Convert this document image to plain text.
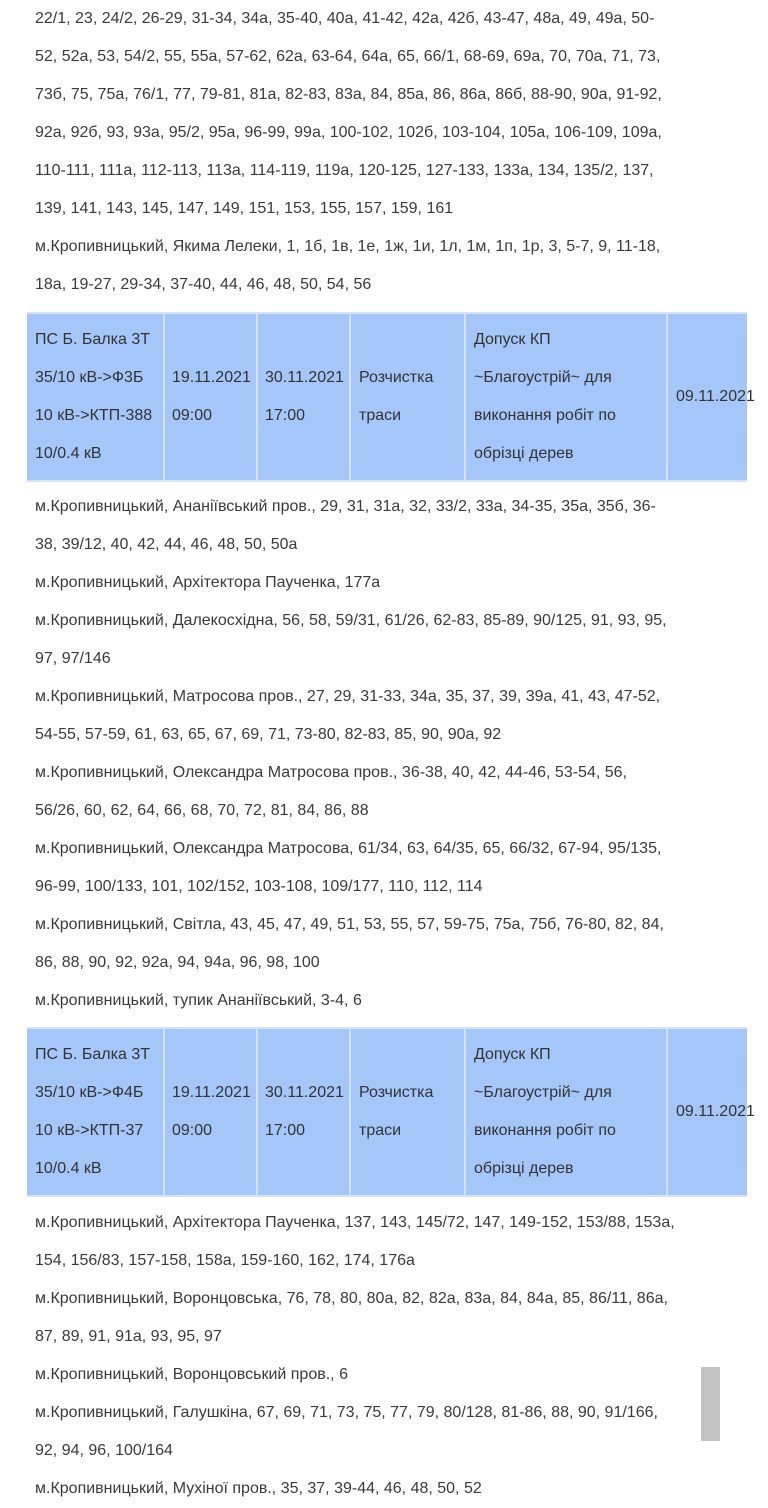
22/1, 23, 24/2, 26-29, 31-34, 34а, 35-40, 40а, 41-42, 42а, 42б, 43-47, 48а, 49, 49а, 50-52, 52а, 53, 54/2, 55, 55а, 57-62, 62а, 63-64, 64а, 65, 66/1, 68-69, 69а, 70, 70а, 71, 73, 73б, 75, 75а, 76/1, 77, 79-81, 81а, 82-83, 83а, 84, 85а, 86, 86а, 86б, 88-90, 90а, 91-92, 92а, 92б, 93, 93а, 95/2, 95а, 96-99, 99а, 100-102, 102б, 103-104, 105а, 106-109, 109а, 110-111, 111а, 112-113, 113а, 114-119, 119а, 120-125, 127-133, 133а, 134, 135/2, 137, 139, 141, 143, 145, 147, 149, 151, 153, 155, 157, 159, 161

м.Кропивницький, Якима Лелеки, 1, 1б, 1в, 1е, 1ж, 1и, 1л, 1м, 1п, 1р, 3, 5-7, 9, 11-18, 18а, 19-27, 29-34, 37-40, 44, 46, 48, 50, 54, 56

ПС Б. Балка 3Т
35/10 кВ->Ф3Б
10 кВ->КТП-388
10/0.4 кВ
19.11.2021
09:00
30.11.2021
17:00
Розчистка
траси
Допуск КП
~Благоустрій~ для
виконання робіт по
обрізці дерев
09.11.2021

м.Кропивницький, Ананіївський пров., 29, 31, 31а, 32, 33/2, 33а, 34-35, 35а, 35б, 36-38, 39/12, 40, 42, 44, 46, 48, 50, 50а

м.Кропивницький, Архітектора Паученка, 177а

м.Кропивницький, Далекосхідна, 56, 58, 59/31, 61/26, 62-83, 85-89, 90/125, 91, 93, 95, 97, 97/146

м.Кропивницький, Матросова пров., 27, 29, 31-33, 34а, 35, 37, 39, 39а, 41, 43, 47-52, 54-55, 57-59, 61, 63, 65, 67, 69, 71, 73-80, 82-83, 85, 90, 90а, 92

м.Кропивницький, Олександра Матросова пров., 36-38, 40, 42, 44-46, 53-54, 56, 56/26, 60, 62, 64, 66, 68, 70, 72, 81, 84, 86, 88

м.Кропивницький, Олександра Матросова, 61/34, 63, 64/35, 65, 66/32, 67-94, 95/135, 96-99, 100/133, 101, 102/152, 103-108, 109/177, 110, 112, 114

м.Кропивницький, Світла, 43, 45, 47, 49, 51, 53, 55, 57, 59-75, 75а, 75б, 76-80, 82, 84, 86, 88, 90, 92, 92а, 94, 94а, 96, 98, 100

м.Кропивницький, тупик Ананіївський, 3-4, 6

ПС Б. Балка 3Т
35/10 кВ->Ф4Б
10 кВ->КТП-37
10/0.4 кВ
19.11.2021
09:00
30.11.2021
17:00
Розчистка
траси
Допуск КП
~Благоустрій~ для
виконання робіт по
обрізці дерев
09.11.2021

м.Кропивницький, Архітектора Паученка, 137, 143, 145/72, 147, 149-152, 153/88, 153а, 154, 156/83, 157-158, 158а, 159-160, 162, 174, 176а

м.Кропивницький, Воронцовська, 76, 78, 80, 80а, 82, 82а, 83а, 84, 84а, 85, 86/11, 86а, 87, 89, 91, 91а, 93, 95, 97

м.Кропивницький, Воронцовський пров., 6

м.Кропивницький, Галушкіна, 67, 69, 71, 73, 75, 77, 79, 80/128, 81-86, 88, 90, 91/166, 92, 94, 96, 100/164

м.Кропивницький, Мухіної пров., 35, 37, 39-44, 46, 48, 50, 52
